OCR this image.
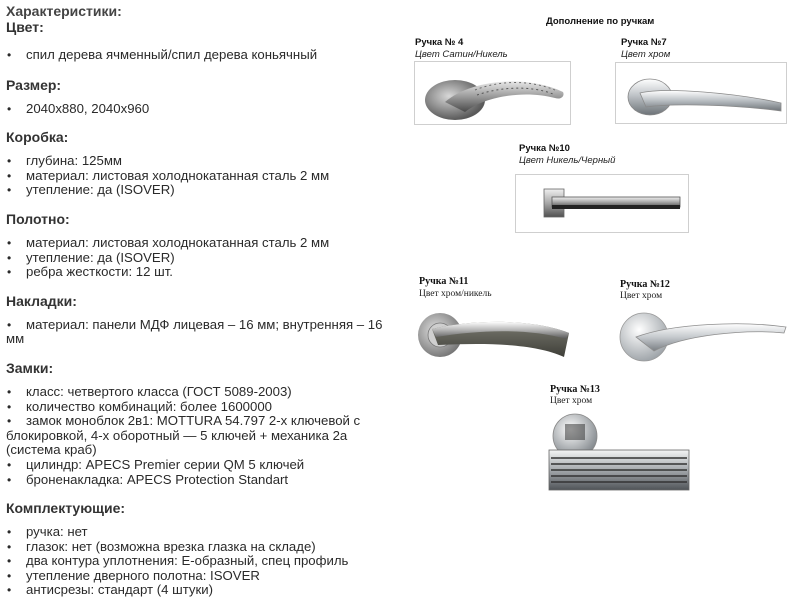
Характеристики:
Цвет:
• спил дерева ячменный/спил дерева коньячный
Размер:
• 2040х880, 2040х960
Коробка:
• глубина: 125мм
• материал: листовая холоднокатанная сталь 2 мм
• утепление: да (ISOVER)
Полотно:
• материал: листовая холоднокатанная сталь 2 мм
• утепление: да (ISOVER)
• ребра жесткости: 12 шт.
Накладки:
• материал: панели МДФ лицевая – 16 мм; внутренняя – 16 мм
Замки:
• класс: четвертого класса (ГОСТ 5089-2003)
• количество комбинаций: более 1600000
• замок моноблок 2в1: MOTTURA 54.797 2-х ключевой с блокировкой, 4-х оборотный — 5 ключей + механика 2а (система краб)
• цилиндр: APECS Premier серии QM 5 ключей
• броненакладка: APECS Protection Standart
Комплектующие:
• ручка: нет
• глазок: нет (возможна врезка глазка на складе)
• два контура уплотнения: Е-образный, спец профиль
• утепление дверного полотна: ISOVER
• антисрезы: стандарт (4 штуки)
Дополнение по ручкам
Ручка № 4
Цвет Сатин/Никель
Ручка №7
Цвет хром
Ручка №10
Цвет Никель/Черный
Ручка №11
Цвет хром/никель
Ручка №12
Цвет хром
Ручка №13
Цвет хром
